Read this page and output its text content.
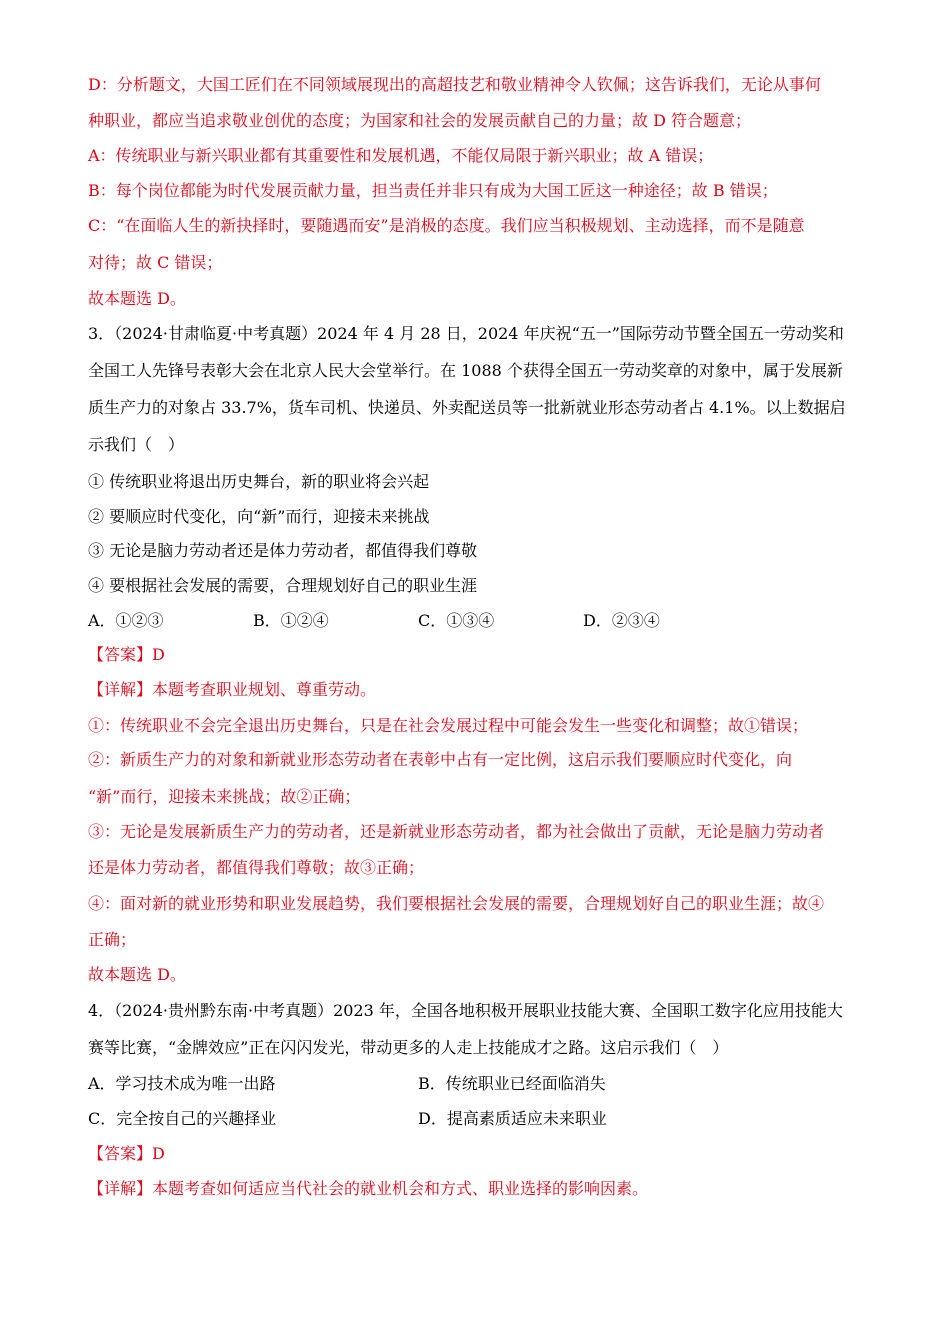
D：分析题文，大国工匠们在不同领域展现出的高超技艺和敬业精神令人钦佩；这告诉我们，无论从事何
种职业，都应当追求敬业创优的态度；为国家和社会的发展贡献自己的力量；故 D 符合题意；
A：传统职业与新兴职业都有其重要性和发展机遇，不能仅局限于新兴职业；故 A 错误；
B：每个岗位都能为时代发展贡献力量，担当责任并非只有成为大国工匠这一种途径；故 B 错误；
C：“在面临人生的新抉择时，要随遇而安”是消极的态度。我们应当积极规划、主动选择，而不是随意
对待；故 C 错误；
故本题选 D。
3．（2024·甘肃临夏·中考真题）2024 年 4 月 28 日，2024 年庆祝“五一”国际劳动节暨全国五一劳动奖和
全国工人先锋号表彰大会在北京人民大会堂举行。在 1088 个获得全国五一劳动奖章的对象中，属于发展新
质生产力的对象占 33.7%，货车司机、快递员、外卖配送员等一批新就业形态劳动者占 4.1%。以上数据启
示我们（　）
① 传统职业将退出历史舞台，新的职业将会兴起
② 要顺应时代变化，向“新”而行，迎接未来挑战
③ 无论是脑力劳动者还是体力劳动者，都值得我们尊敬
④ 要根据社会发展的需要，合理规划好自己的职业生涯
A．①②③	B．①②④	C．①③④	D．②③④
【答案】D
【详解】本题考查职业规划、尊重劳动。
①：传统职业不会完全退出历史舞台，只是在社会发展过程中可能会发生一些变化和调整；故①错误；
②：新质生产力的对象和新就业形态劳动者在表彰中占有一定比例，这启示我们要顺应时代变化，向
“新”而行，迎接未来挑战；故②正确；
③：无论是发展新质生产力的劳动者，还是新就业形态劳动者，都为社会做出了贡献，无论是脑力劳动者
还是体力劳动者，都值得我们尊敬；故③正确；
④：面对新的就业形势和职业发展趋势，我们要根据社会发展的需要，合理规划好自己的职业生涯；故④
正确；
故本题选 D。
4．（2024·贵州黔东南·中考真题）2023 年，全国各地积极开展职业技能大赛、全国职工数字化应用技能大
赛等比赛，“金牌效应”正在闪闪发光，带动更多的人走上技能成才之路。这启示我们（　）
A．学习技术成为唯一出路	B．传统职业已经面临消失
C．完全按自己的兴趣择业	D．提高素质适应未来职业
【答案】D
【详解】本题考查如何适应当代社会的就业机会和方式、职业选择的影响因素。
